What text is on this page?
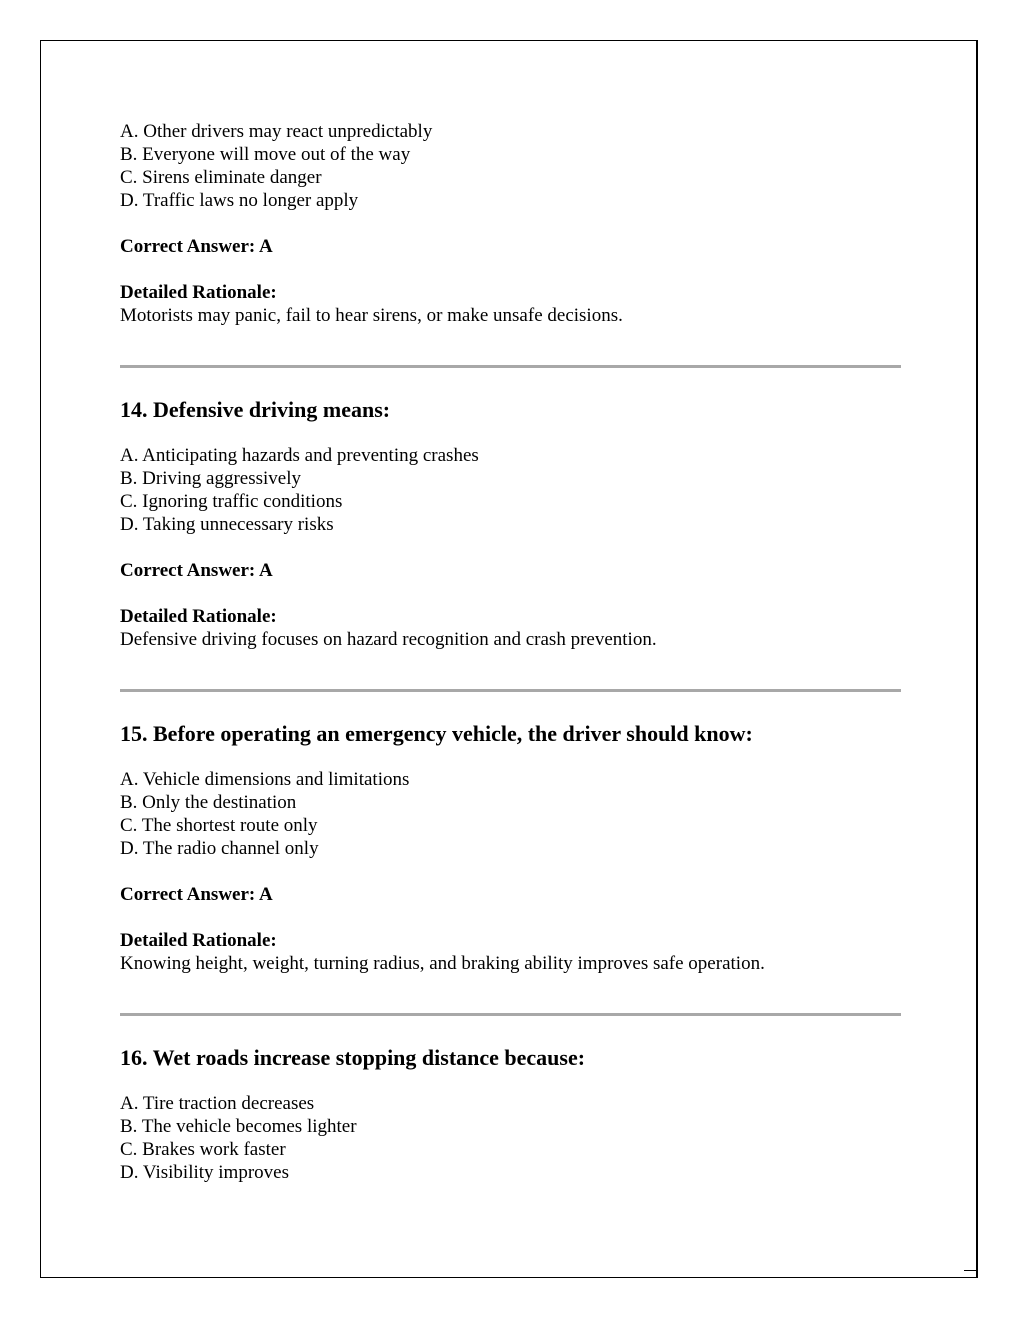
A. Other drivers may react unpredictably

B. Everyone will move out of the way

C. Sirens eliminate danger

D. Traffic laws no longer apply

Correct Answer: A

Detailed Rationale:

Motorists may panic, fail to hear sirens, or make unsafe decisions.

14. Defensive driving means:

A. Anticipating hazards and preventing crashes

B. Driving aggressively

C. Ignoring traffic conditions

D. Taking unnecessary risks

Correct Answer: A

Detailed Rationale:

Defensive driving focuses on hazard recognition and crash prevention.

15. Before operating an emergency vehicle, the driver should know:

A. Vehicle dimensions and limitations

B. Only the destination

C. The shortest route only

D. The radio channel only

Correct Answer: A

Detailed Rationale:

Knowing height, weight, turning radius, and braking ability improves safe operation.

16. Wet roads increase stopping distance because:

A. Tire traction decreases

B. The vehicle becomes lighter

C. Brakes work faster

D. Visibility improves
